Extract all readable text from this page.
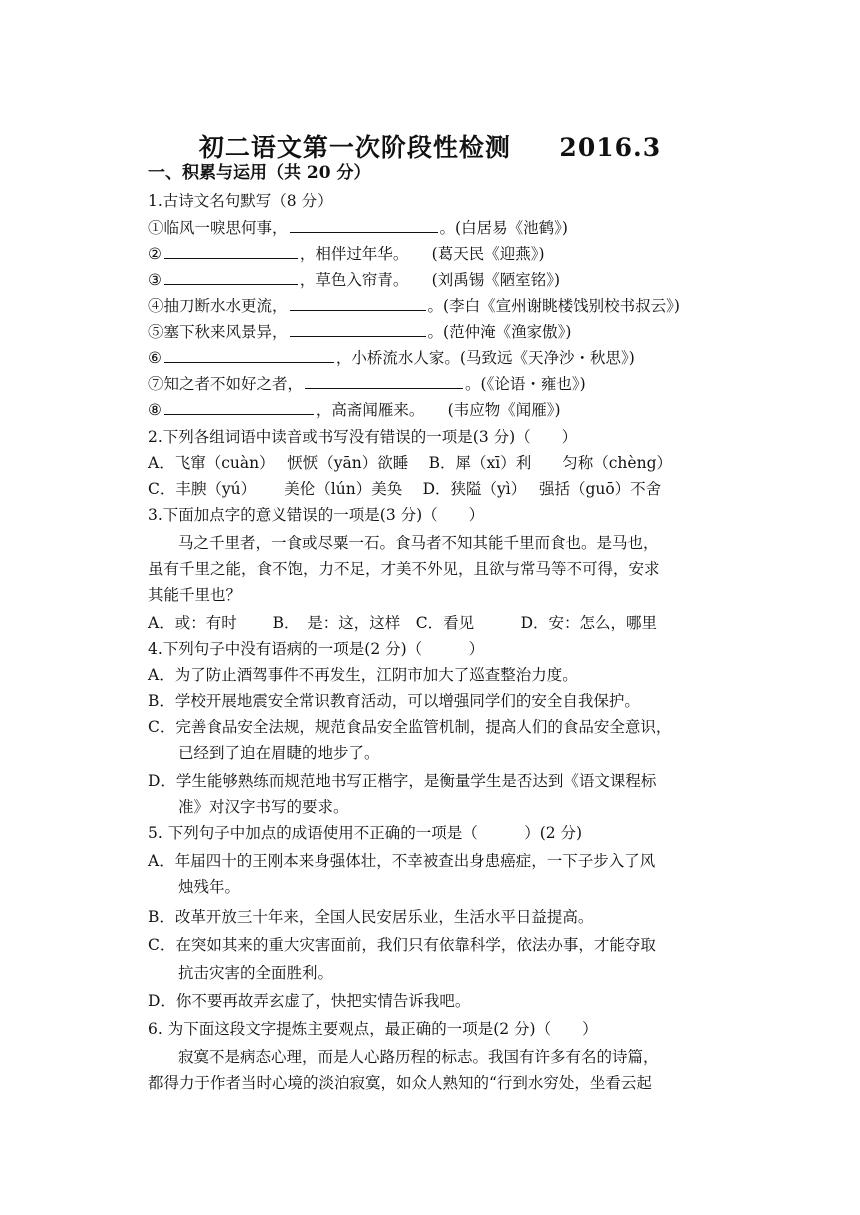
初二语文第一次阶段性检测 2016.3
一、积累与运用（共 20 分）
1.古诗文名句默写（8 分）
①临风一唳思何事，	。(白居易《池鹤》)
②	，相伴过年华。　　(葛天民《迎燕》)
③	，草色入帘青。　　(刘禹锡《陋室铭》)
④抽刀断水水更流，	。(李白《宣州谢眺楼饯别校书叔云》)
⑤塞下秋来风景异，	。(范仲淹《渔家傲》)
⑥	，小桥流水人家。(马致远《天净沙・秋思》)
⑦知之者不如好之者，	。(《论语・雍也》)
⑧	，高斋闻雁来。　　(韦应物《闻雁》)
2.下列各组词语中读音或书写没有错误的一项是(3 分)（　　）
A．飞窜（cuàn）　 恹恹（yān）欲睡　 B．犀（xī）利　　匀称（chèng）
C．丰腴（yú）　　 美伦（lún）美奂　 D．狭隘（yì）　 强括（guō）不舍
3.下面加点字的意义错误的一项是(3 分)（　　）
马之千里者，一食或尽粟一石。食马者不知其能千里而食也。是马也，
虽有千里之能，食不饱，力不足，才美不外见，且欲与常马等不可得，安求
其能千里也？
A．或：有时　　 B．　是：这，这样　C．看见　　　D．安：怎么，哪里
4.下列句子中没有语病的一项是(2 分)（　　　）
A．为了防止酒驾事件不再发生，江阴市加大了巡查整治力度。
B．学校开展地震安全常识教育活动，可以增强同学们的安全自我保护。
C．完善食品安全法规，规范食品安全监管机制，提高人们的食品安全意识，
已经到了迫在眉睫的地步了。
D．学生能够熟练而规范地书写正楷字，是衡量学生是否达到《语文课程标
准》对汉字书写的要求。
5. 下列句子中加点的成语使用不正确的一项是（　　　）(2 分)
A．年届四十的王刚本来身强体壮，不幸被查出身患癌症，一下子步入了风
烛残年。
B．改革开放三十年来，全国人民安居乐业，生活水平日益提高。
C．在突如其来的重大灾害面前，我们只有依靠科学，依法办事，才能夺取
抗击灾害的全面胜利。
D．你不要再故弄玄虚了，快把实情告诉我吧。
6. 为下面这段文字提炼主要观点，最正确的一项是(2 分)（　　）
寂寞不是病态心理，而是人心路历程的标志。我国有许多有名的诗篇，
都得力于作者当时心境的淡泊寂寞，如众人熟知的“行到水穷处，坐看云起
